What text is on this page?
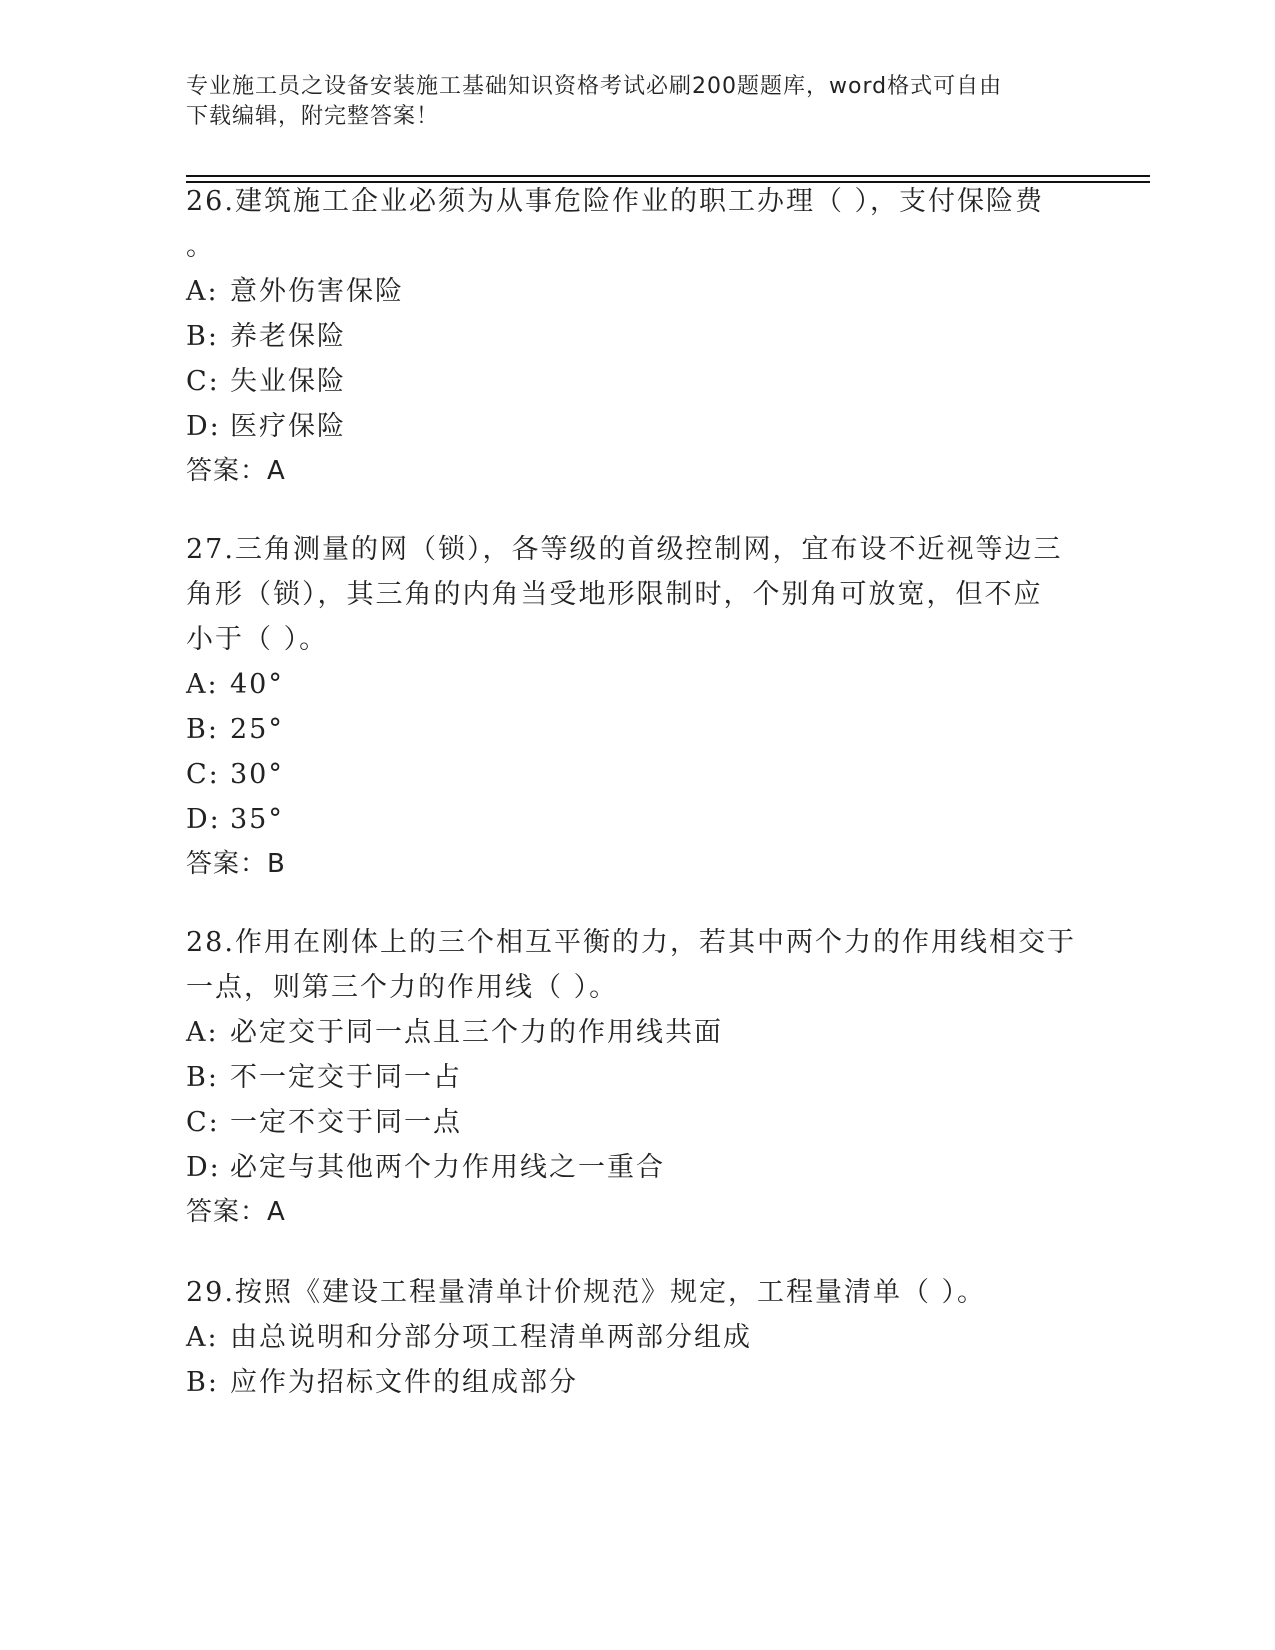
专业施工员之设备安装施工基础知识资格考试必刷200题题库，word格式可自由
下载编辑，附完整答案！
26.建筑施工企业必须为从事危险作业的职工办理（ ），支付保险费
。
A: 意外伤害保险
B: 养老保险
C: 失业保险
D: 医疗保险
答案：A
27.三角测量的网（锁），各等级的首级控制网，宜布设不近视等边三
角形（锁），其三角的内角当受地形限制时，个别角可放宽，但不应
小于（ ）。
A: 40°
B: 25°
C: 30°
D: 35°
答案：B
28.作用在刚体上的三个相互平衡的力，若其中两个力的作用线相交于
一点，则第三个力的作用线（ ）。
A: 必定交于同一点且三个力的作用线共面
B: 不一定交于同一占
C: 一定不交于同一点
D: 必定与其他两个力作用线之一重合
答案：A
29.按照《建设工程量清单计价规范》规定，工程量清单（ ）。
A: 由总说明和分部分项工程清单两部分组成
B: 应作为招标文件的组成部分
